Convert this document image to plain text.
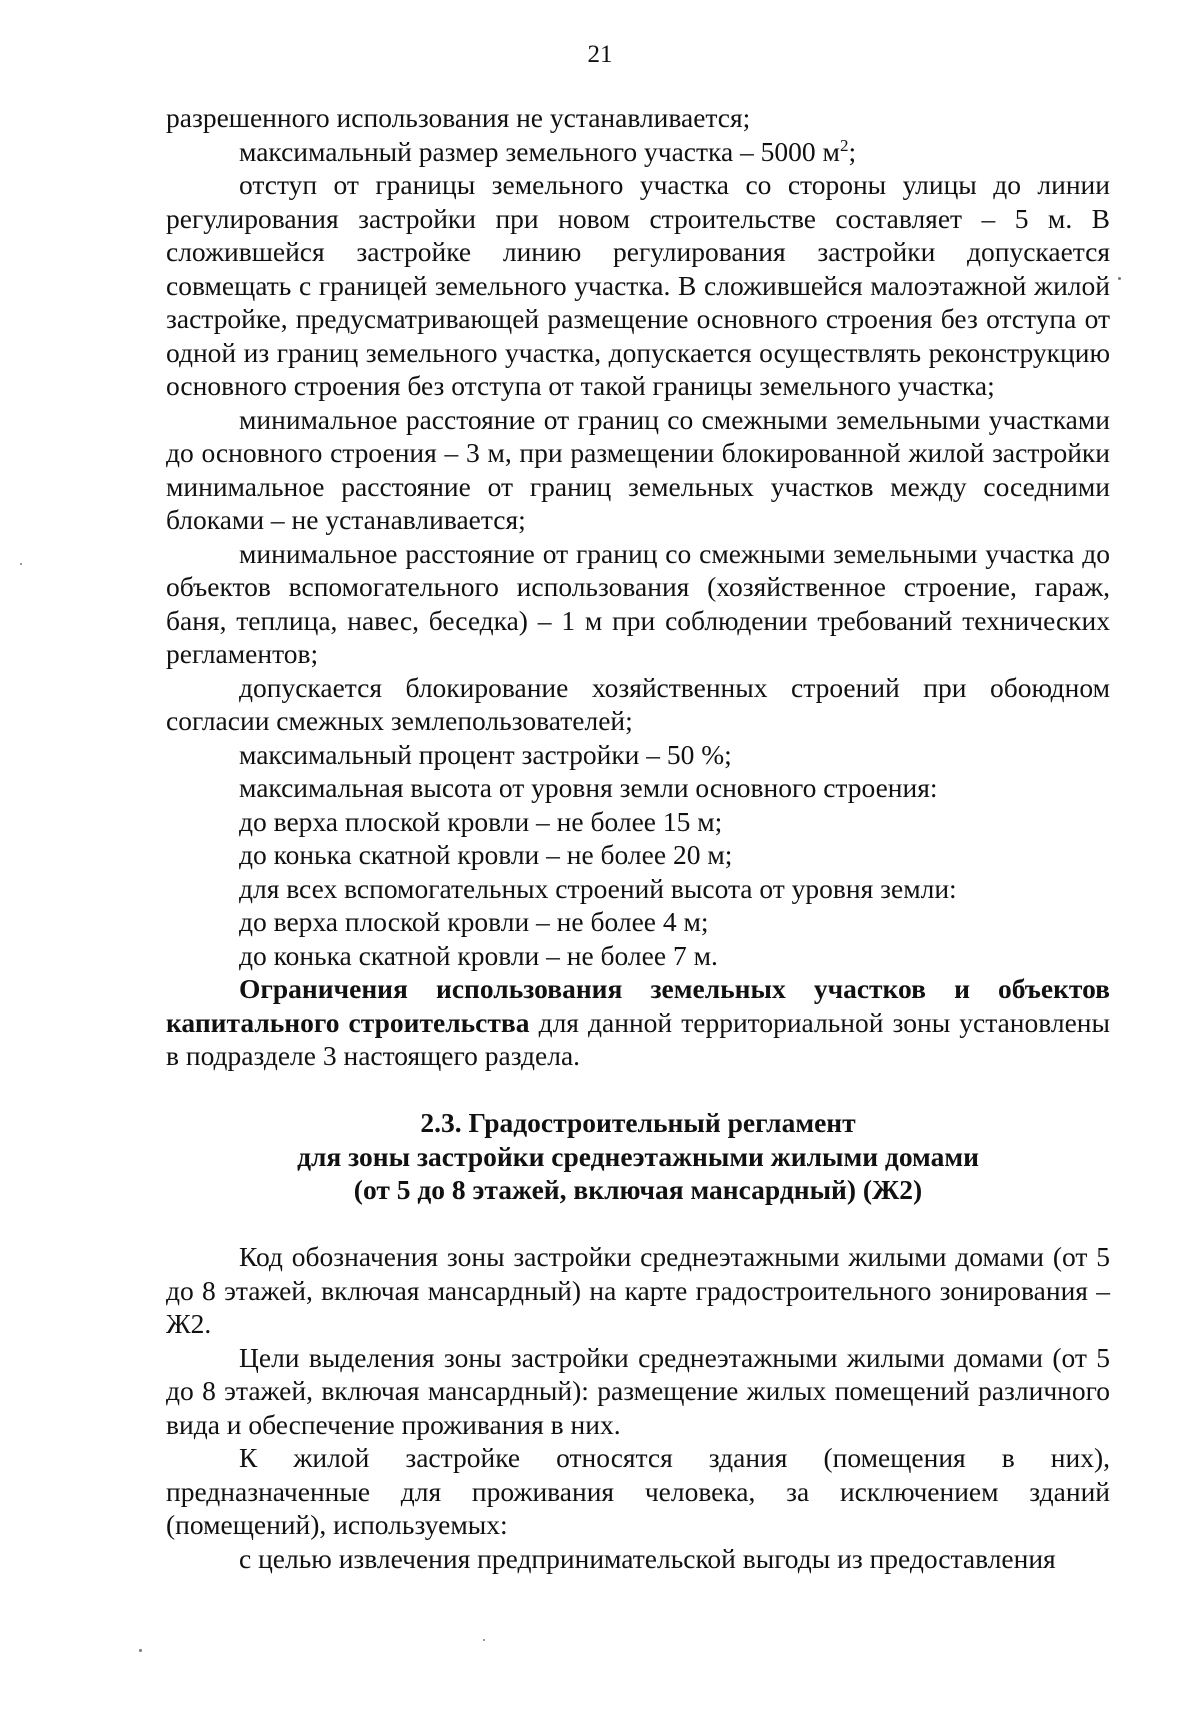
21

разрешенного использования не устанавливается;

максимальный размер земельного участка – 5000 $м^2$;

отступ от границы земельного участка со стороны улицы до линии регулирования застройки при новом строительстве составляет – 5 м. В сложившейся застройке линию регулирования застройки допускается совмещать с границей земельного участка. В сложившейся малоэтажной жилой застройке, предусматривающей размещение основного строения без отступа от одной из границ земельного участка, допускается осуществлять реконструкцию основного строения без отступа от такой границы земельного участка;

минимальное расстояние от границ со смежными земельными участками до основного строения – 3 м, при размещении блокированной жилой застройки минимальное расстояние от границ земельных участков между соседними блоками – не устанавливается;

минимальное расстояние от границ со смежными земельными участка до объектов вспомогательного использования (хозяйственное строение, гараж, баня, теплица, навес, беседка) – 1 м при соблюдении требований технических регламентов;

допускается блокирование хозяйственных строений при обоюдном согласии смежных землепользователей;

максимальный процент застройки – 50 %;

максимальная высота от уровня земли основного строения:

до верха плоской кровли – не более 15 м;

до конька скатной кровли – не более 20 м;

для всех вспомогательных строений высота от уровня земли:

до верха плоской кровли – не более 4 м;

до конька скатной кровли – не более 7 м.

Ограничения использования земельных участков и объектов капитального строительства для данной территориальной зоны установлены в подразделе 3 настоящего раздела.

2.3. Градостроительный регламент

для зоны застройки среднеэтажными жилыми домами

(от 5 до 8 этажей, включая мансардный) (Ж2)

Код обозначения зоны застройки среднеэтажными жилыми домами (от 5 до 8 этажей, включая мансардный) на карте градостроительного зонирования – Ж2.

Цели выделения зоны застройки среднеэтажными жилыми домами (от 5 до 8 этажей, включая мансардный): размещение жилых помещений различного вида и обеспечение проживания в них.

К жилой застройке относятся здания (помещения в них), предназначенные для проживания человека, за исключением зданий (помещений), используемых:

с целью извлечения предпринимательской выгоды из предоставления
